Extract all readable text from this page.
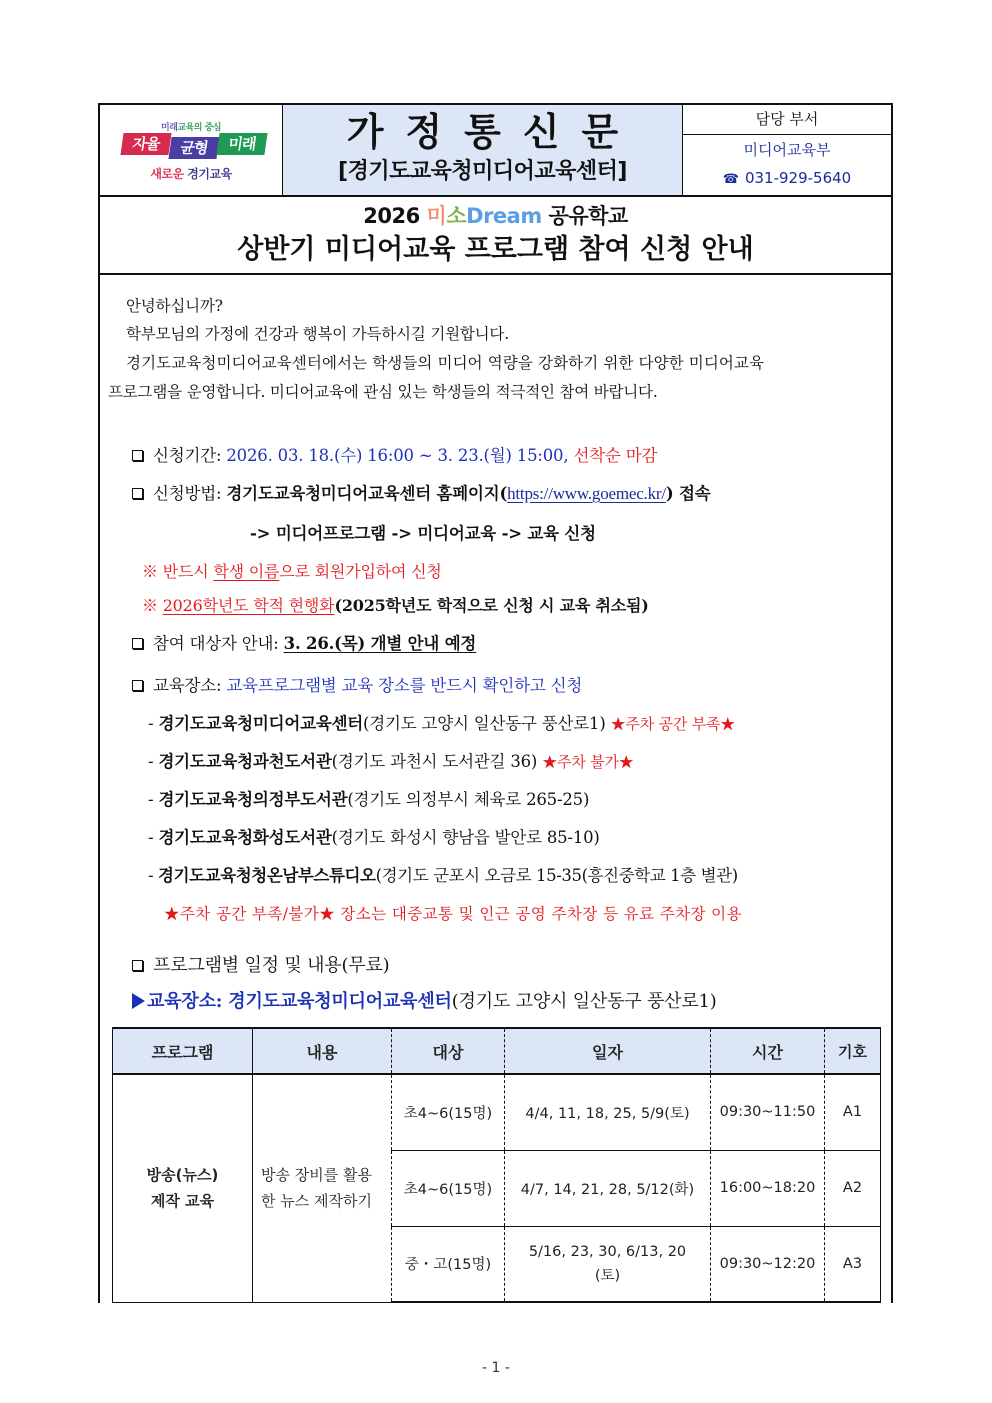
미래교육의 중심
자율	균형	미래
새로운 경기교육
가정통신문
[경기도교육청미디어교육센터]
담당 부서
미디어교육부
☎ 031-929-5640
2026 미소Dream 공유학교
상반기 미디어교육 프로그램 참여 신청 안내
안녕하십니까?
학부모님의 가정에 건강과 행복이 가득하시길 기원합니다.
경기도교육청미디어교육센터에서는 학생들의 미디어 역량을 강화하기 위한 다양한 미디어교육
프로그램을 운영합니다. 미디어교육에 관심 있는 학생들의 적극적인 참여 바랍니다.
신청기간: 2026. 03. 18.(수) 16:00 ~ 3. 23.(월) 15:00, 선착순 마감
신청방법: 경기도교육청미디어교육센터 홈페이지(https://www.goemec.kr/) 접속
-> 미디어프로그램 -> 미디어교육 -> 교육 신청
※ 반드시 학생 이름으로 회원가입하여 신청
※ 2026학년도 학적 현행화(2025학년도 학적으로 신청 시 교육 취소됨)
참여 대상자 안내: 3. 26.(목) 개별 안내 예정
교육장소: 교육프로그램별 교육 장소를 반드시 확인하고 신청
- 경기도교육청미디어교육센터(경기도 고양시 일산동구 풍산로1) ★주차 공간 부족★
- 경기도교육청과천도서관(경기도 과천시 도서관길 36) ★주차 불가★
- 경기도교육청의정부도서관(경기도 의정부시 체육로 265-25)
- 경기도교육청화성도서관(경기도 화성시 향남읍 발안로 85-10)
- 경기도교육청청온남부스튜디오(경기도 군포시 오금로 15-35(흥진중학교 1층 별관)
★주차 공간 부족/불가★ 장소는 대중교통 및 인근 공영 주차장 등 유료 주차장 이용
프로그램별 일정 및 내용(무료)
교육장소: 경기도교육청미디어교육센터(경기도 고양시 일산동구 풍산로1)
프로그램	내용	대상	일자	시간	기호

방송(뉴스)
제작 교육

방송 장비를 활용
한 뉴스 제작하기
	초4~6(15명)	4/4, 11, 18, 25, 5/9(토)	09:30~11:50	A1
		초4~6(15명)	4/7, 14, 21, 28, 5/12(화)	16:00~18:20	A2
		중・고(15명)	5/16, 23, 30, 6/13, 20
(토)	09:30~12:20	A3
- 1 -
